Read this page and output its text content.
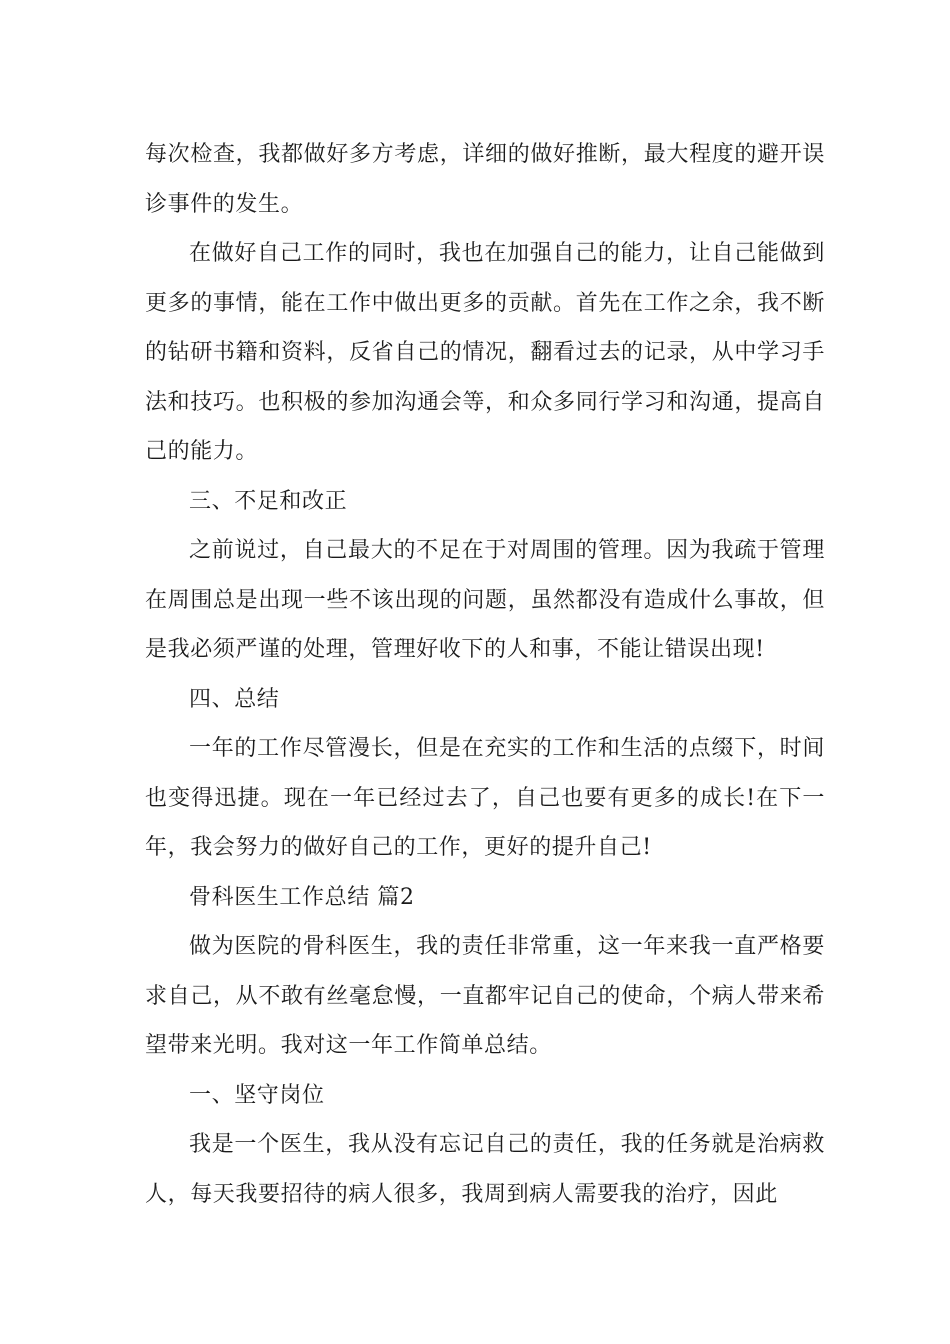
每次检查，我都做好多方考虑，详细的做好推断，最大程度的避开误诊事件的发生。

在做好自己工作的同时，我也在加强自己的能力，让自己能做到更多的事情，能在工作中做出更多的贡献。首先在工作之余，我不断的钻研书籍和资料，反省自己的情况，翻看过去的记录，从中学习手法和技巧。也积极的参加沟通会等，和众多同行学习和沟通，提高自己的能力。

三、不足和改正

之前说过，自己最大的不足在于对周围的管理。因为我疏于管理在周围总是出现一些不该出现的问题，虽然都没有造成什么事故，但是我必须严谨的处理，管理好收下的人和事，不能让错误出现!

四、总结

一年的工作尽管漫长，但是在充实的工作和生活的点缀下，时间也变得迅捷。现在一年已经过去了，自己也要有更多的成长!在下一年，我会努力的做好自己的工作，更好的提升自己!

骨科医生工作总结 篇2

做为医院的骨科医生，我的责任非常重，这一年来我一直严格要求自己，从不敢有丝毫怠慢，一直都牢记自己的使命，个病人带来希望带来光明。我对这一年工作简单总结。

一、坚守岗位

我是一个医生，我从没有忘记自己的责任，我的任务就是治病救人，每天我要招待的病人很多，我周到病人需要我的治疗，因此
